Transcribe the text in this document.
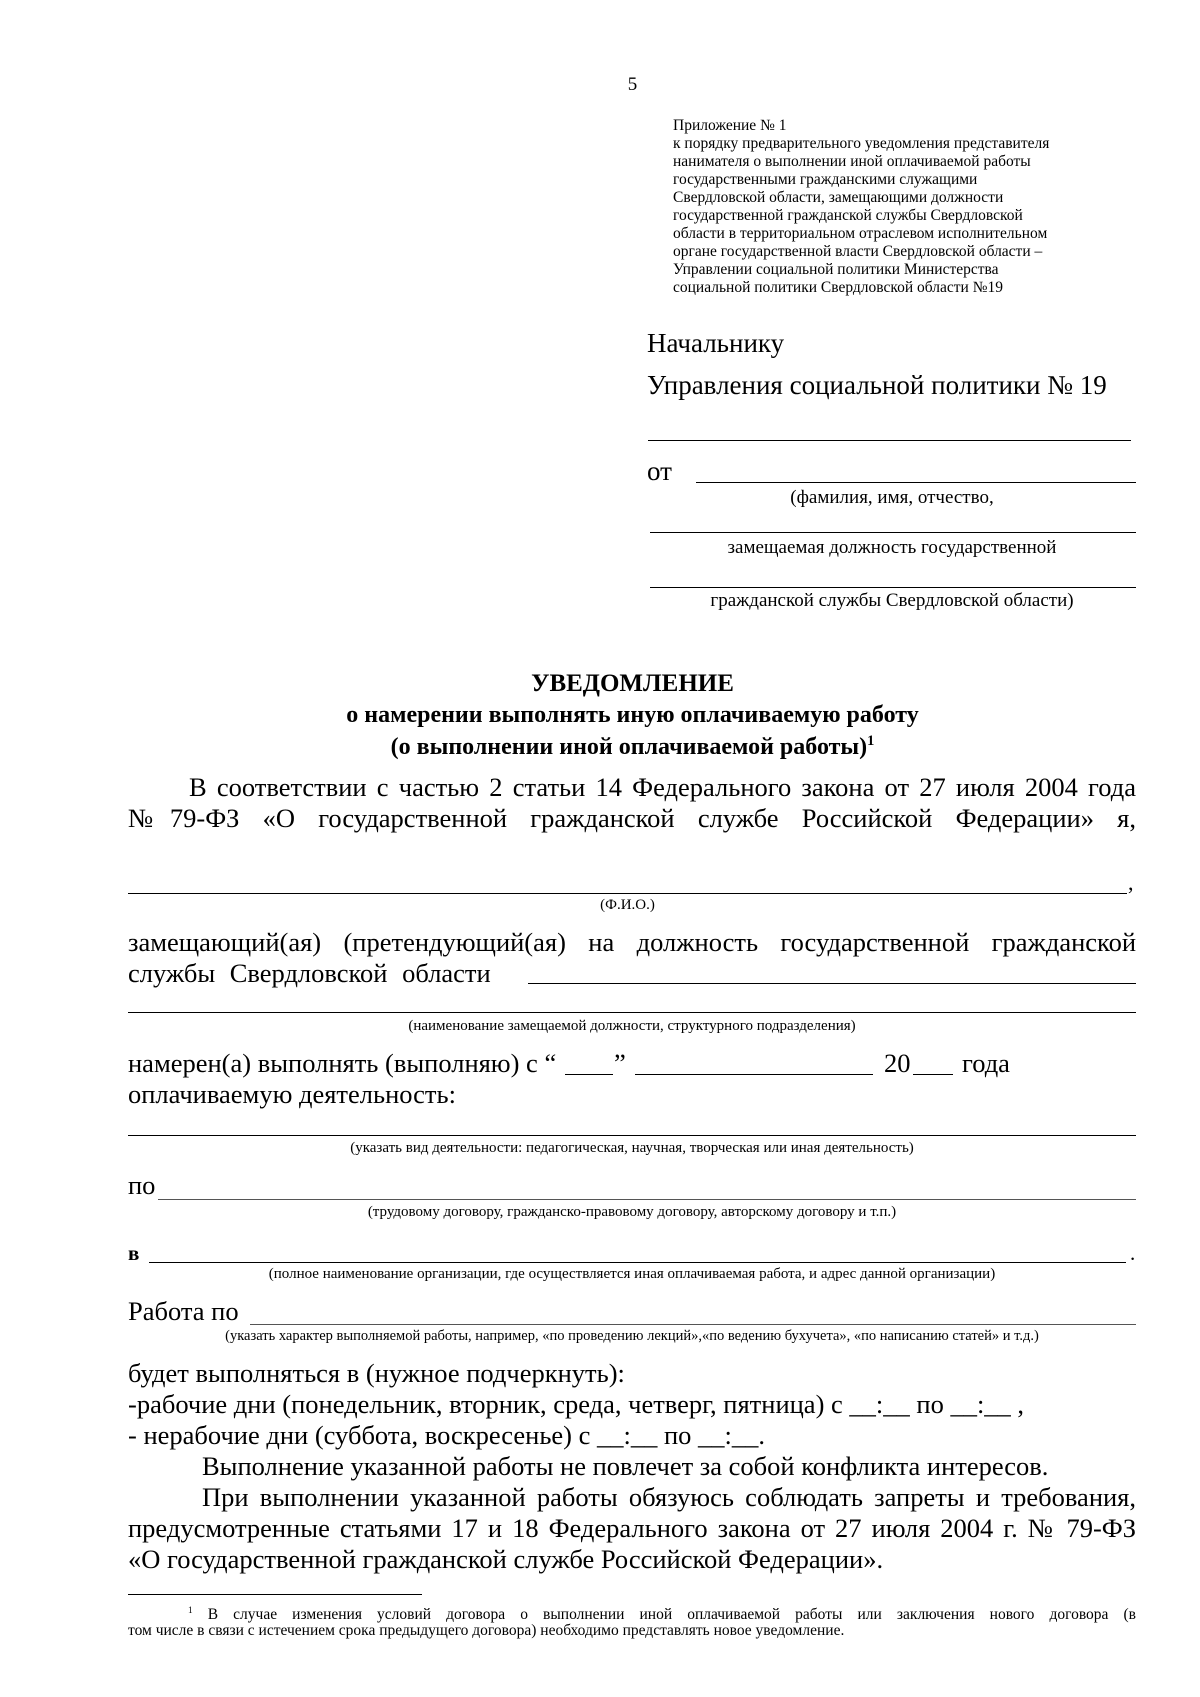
5
Приложение № 1
к порядку предварительного уведомления представителя
нанимателя о выполнении иной оплачиваемой работы
государственными гражданскими служащими
Свердловской области, замещающими должности
государственной гражданской службы Свердловской
области в территориальном отраслевом исполнительном
органе государственной власти Свердловской области –
Управлении социальной политики Министерства
социальной политики Свердловской области №19
Начальнику
Управления социальной политики № 19
от
(фамилия, имя, отчество,
замещаемая должность государственной
гражданской службы Свердловской области)
УВЕДОМЛЕНИЕ
о намерении выполнять иную оплачиваемую работу
(о выполнении иной оплачиваемой работы)$^1$
В соответствии с частью 2 статьи 14 Федерального закона от 27 июля 2004 года
№79-ФЗ «О государственной гражданской службе Российской Федерации» я,
,
(Ф.И.О.)
замещающий(ая) (претендующий(ая) на должность государственной гражданской
службы Свердловской области
(наименование замещаемой должности, структурного подразделения)
намерен(а) выполнять (выполняю) с “ ”	20 года
оплачиваемую деятельность:
(указать вид деятельности: педагогическая, научная, творческая или иная деятельность)
по
(трудовому договору, гражданско-правовому договору, авторскому договору и т.п.)
в	.
(полное наименование организации, где осуществляется иная оплачиваемая работа, и адрес данной организации)
Работа по
(указать характер выполняемой работы, например, «по проведению лекций»,«по ведению бухучета», «по написанию статей» и т.д.)
будет выполняться в (нужное подчеркнуть):
-рабочие дни (понедельник, вторник, среда, четверг, пятница) с __:__ по __:__ ,
- нерабочие дни (суббота, воскресенье) с __:__ по __:__.
Выполнение указанной работы не повлечет за собой конфликта интересов.
При выполнении указанной работы обязуюсь соблюдать запреты и требования,
предусмотренные статьями 17 и 18 Федерального закона от 27 июля 2004 г. № 79-ФЗ
«О государственной гражданской службе Российской Федерации».
$^1$ В случае изменения условий договора о выполнении иной оплачиваемой работы или заключения нового договора (в
том числе в связи с истечением срока предыдущего договора) необходимо представлять новое уведомление.
